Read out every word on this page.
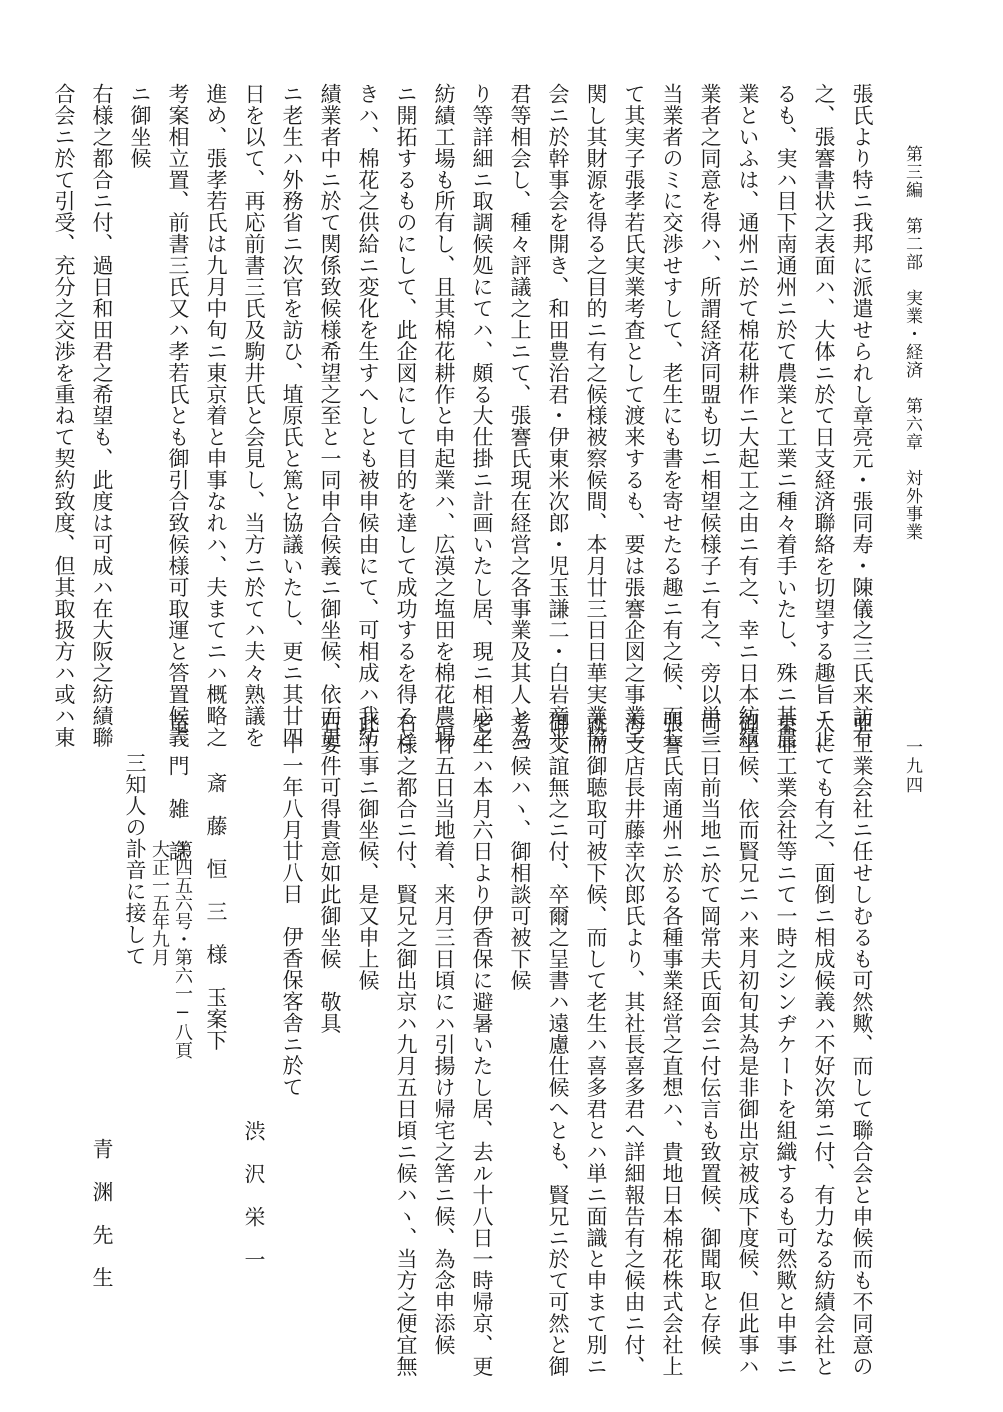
第三編　第二部　実業・経済　第六章　対外事業
一九四
張氏より特ニ我邦に派遣せられし章亮元・張同寿・陳儀之三氏来訪有
之、張謇書状之表面ハ、大体ニ於て日支経済聯絡を切望する趣旨ニ止
るも、実ハ目下南通州ニ於て農業と工業ニ種々着手いたし、殊ニ其農
業といふは、通州ニ於て棉花耕作ニ大起工之由ニ有之、幸ニ日本紡績
業者之同意を得ハ、所謂経済同盟も切ニ相望候様子ニ有之、旁以単ニ
当業者のミに交渉せすして、老生にも書を寄せたる趣ニ有之候、而し
て其実子張孝若氏実業考査として渡来するも、要は張謇企図之事業ニ
関し其財源を得る之目的ニ有之候様被察候間、本月廿三日日華実業協
会ニ於幹事会を開き、和田豊治君・伊東米次郎・児玉謙二・白岩竜平
君等相会し、種々評議之上ニて、張謇氏現在経営之各事業及其人と為
り等詳細ニ取調候処にてハ、頗る大仕掛ニ計画いたし居、現ニ相応之
紡績工場も所有し、且其棉花耕作と申起業ハ、広漠之塩田を棉花農場
ニ開拓するものにして、此企図にして目的を達して成功するを得ると
きハ、棉花之供給ニ変化を生すへしとも被申候由にて、可相成ハ我紡
績業者中ニ於て関係致候様希望之至と一同申合候義ニ御坐候、依而更
ニ老生ハ外務省ニ次官を訪ひ、埴原氏と篤と協議いたし、更ニ其廿四
日を以て、再応前書三氏及駒井氏と会見し、当方ニ於てハ夫々熟議を
進め、張孝若氏は九月中旬ニ東京着と申事なれハ、夫まてニハ概略之
考案相立置、前書三氏又ハ孝若氏とも御引合致候様可取運と答置候義
ニ御坐候
右様之都合ニ付、過日和田君之希望も、此度は可成ハ在大阪之紡績聯
合会ニ於て引受、充分之交渉を重ねて契約致度、但其取扱方ハ或ハ東
亜工業会社ニ任せしむるも可然歟、而して聯合会と申候而も不同意の
人にても有之、面倒ニ相成候義ハ不好次第ニ付、有力なる紡績会社と
東亜工業会社等ニて一時之シンヂケートを組織するも可然歟と申事ニ
御坐候、依而賢兄ニハ来月初旬其為是非御出京被成下度候、但此事ハ
両三日前当地ニ於て岡常夫氏面会ニ付伝言も致置候、御聞取と存候
張謇氏南通州ニ於る各種事業経営之直想ハ、貴地日本棉花株式会社上
海支店長井藤幸次郎氏より、其社長喜多君へ詳細報告有之候由ニ付、
就而御聴取可被下候、而して老生ハ喜多君とハ単ニ面識と申まて別ニ
御交誼無之ニ付、卒爾之呈書ハ遠慮仕候へとも、賢兄ニ於て可然と御
考ニ候ハヽ、御相談可被下候
老生ハ本月六日より伊香保に避暑いたし居、去ル十八日一時帰京、更
ニ廿五日当地着、来月三日頃にハ引揚け帰宅之筈ニ候、為念申添候
右様之都合ニ付、賢兄之御出京ハ九月五日頃ニ候ハヽ、当方之便宜無
此上事ニ御坐候、是又申上候
右要件可得貴意如此御坐候　敬具
十一年八月廿八日　伊香保客舎ニ於て
渋　沢　栄　一
斎　藤　恒　三　様　玉案下
青　渊　先　生
竜　門　雑　誌
第四五六号・第六一−八頁
大正一五年九月
三知人の訃音に接して
